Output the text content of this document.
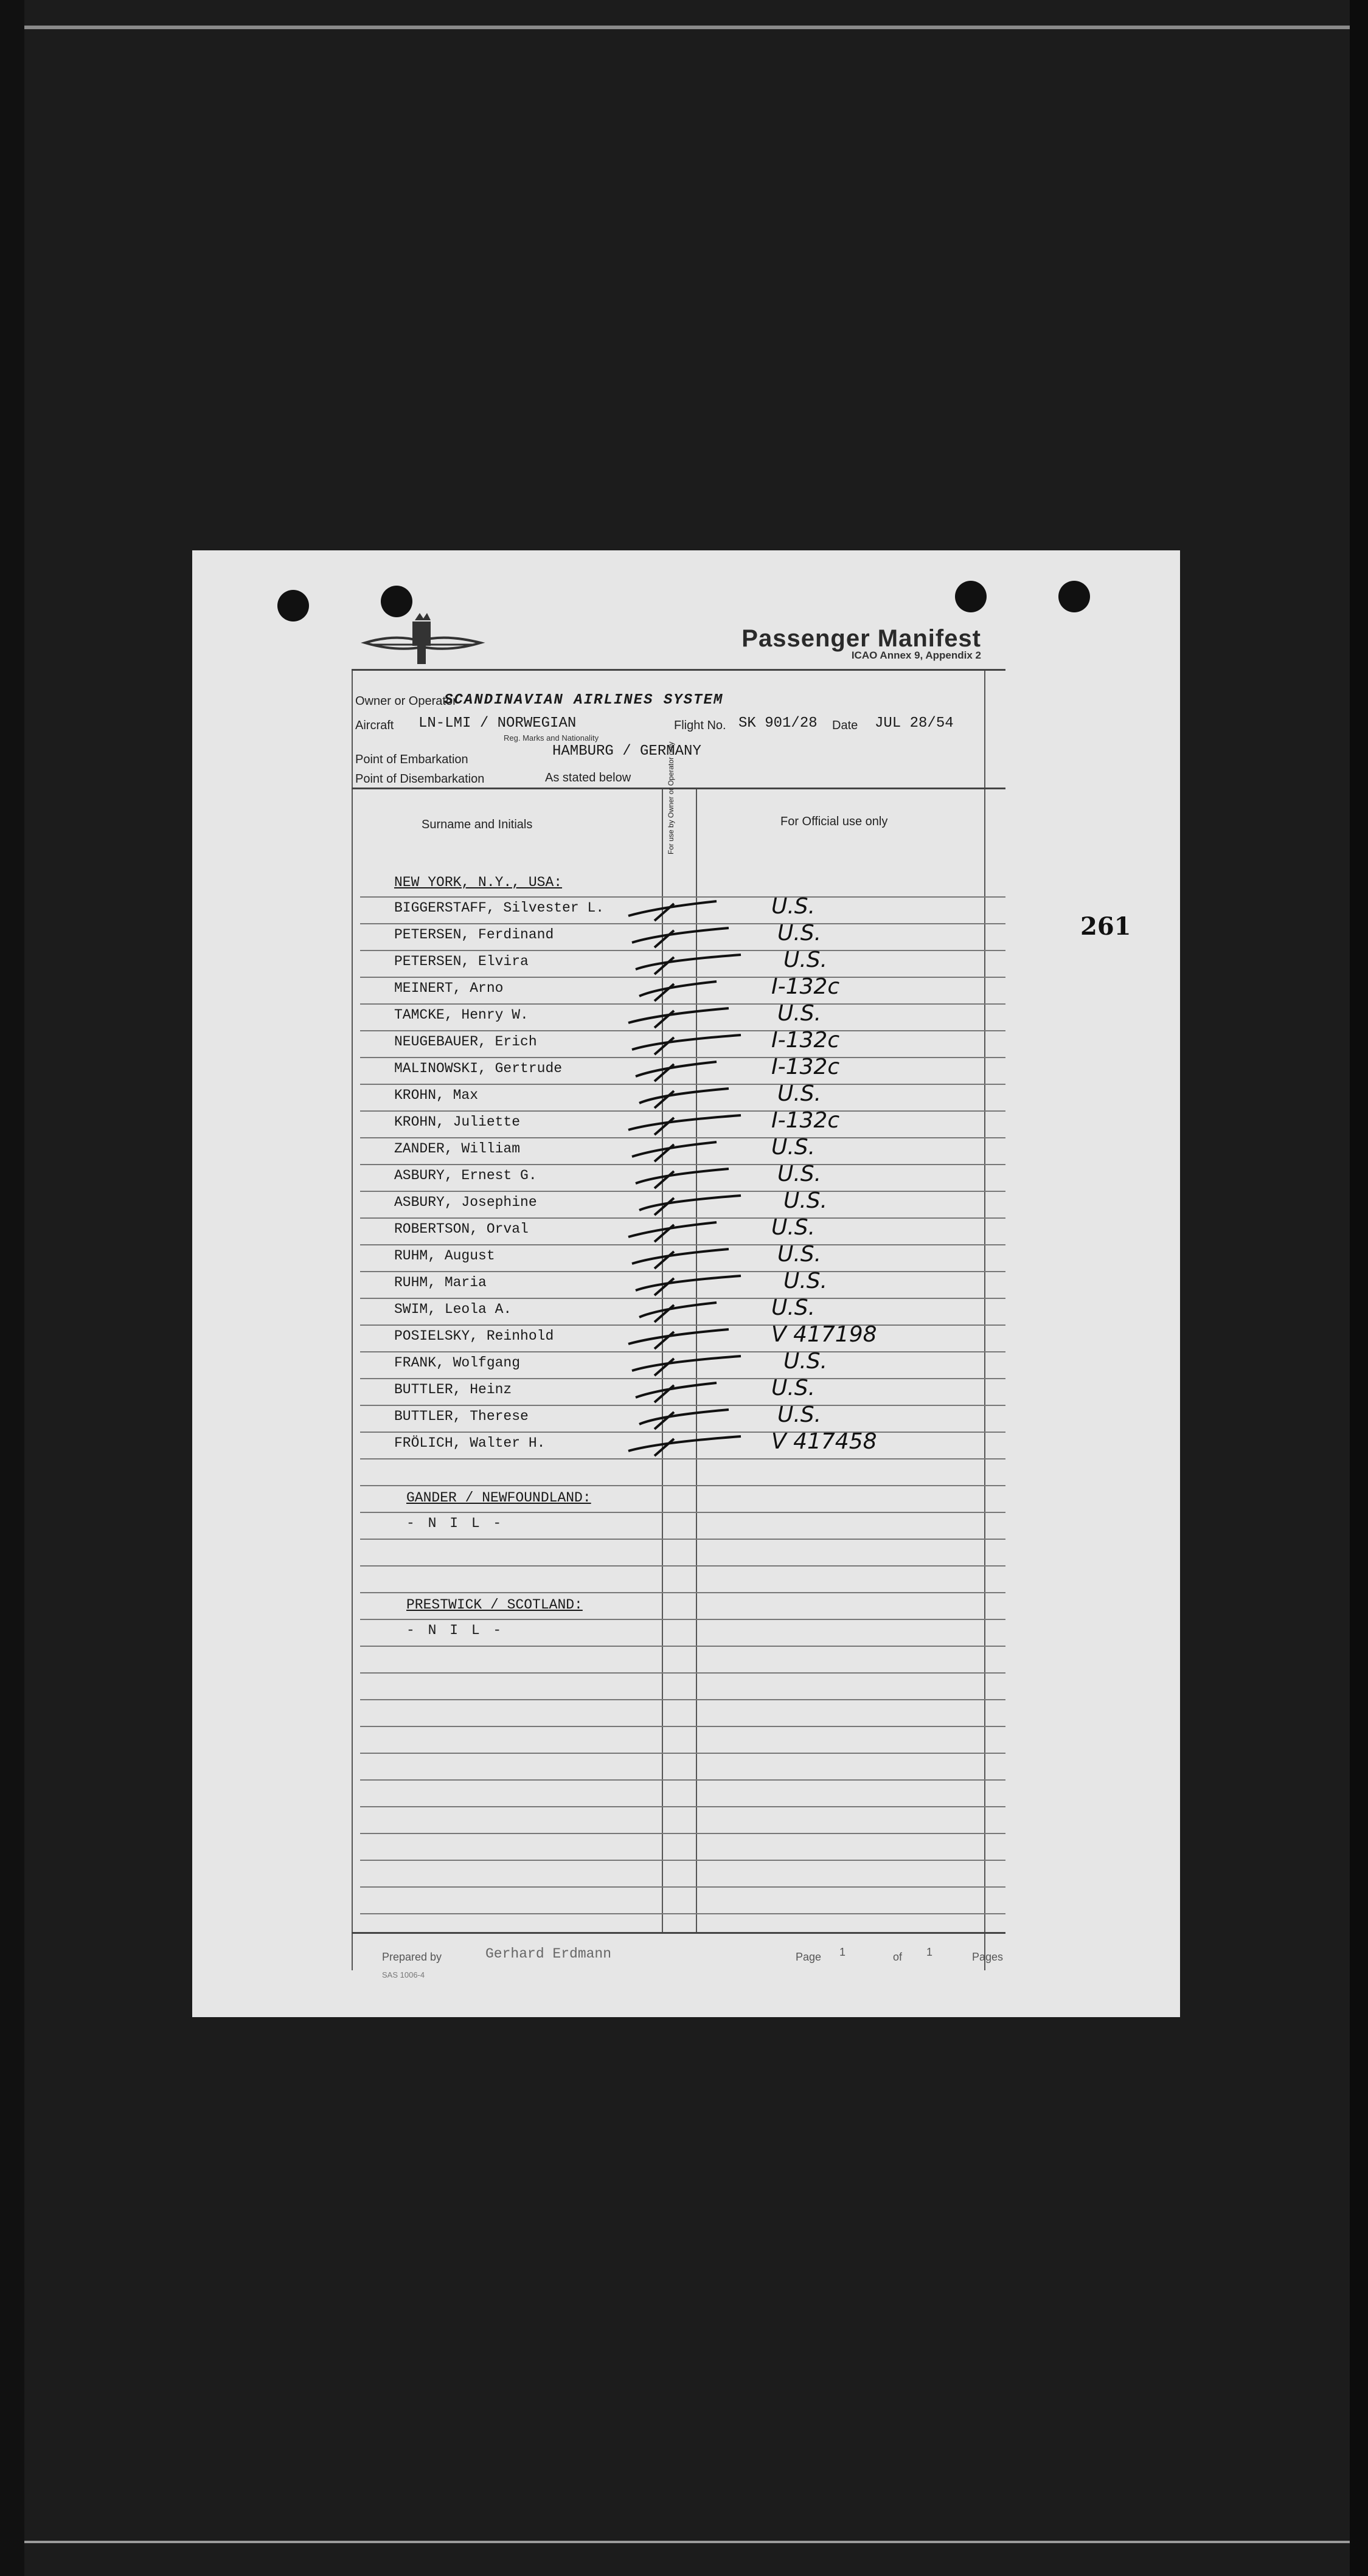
261
Passenger Manifest
ICAO Annex 9, Appendix 2
Owner or Operator
SCANDINAVIAN AIRLINES SYSTEM
Aircraft LN-LMI / NORWEGIAN
Reg. Marks and Nationality
Flight No. SK 901/28 Date JUL 28/54
Point of Embarkation	HAMBURG / GERMANY
Point of Disembarkation	As stated below
Surname and Initials	For use by Owner or Operator only	For Official use only
Prepared by	Gerhard Erdmann	Page 1	of 1	Pages
SAS 1006-4
NEW YORK, N.Y., USA:
BIGGERSTAFF, Silvester L.	U.S.
PETERSEN, Ferdinand	U.S.
PETERSEN, Elvira	U.S.
MEINERT, Arno	I-132c
TAMCKE, Henry W.	U.S.
NEUGEBAUER, Erich	I-132c
MALINOWSKI, Gertrude	I-132c
KROHN, Max	U.S.
KROHN, Juliette	I-132c
ZANDER, William	U.S.
ASBURY, Ernest G.	U.S.
ASBURY, Josephine	U.S.
ROBERTSON, Orval	U.S.
RUHM, August	U.S.
RUHM, Maria	U.S.
SWIM, Leola A.	U.S.
POSIELSKY, Reinhold	V 417198
FRANK, Wolfgang	U.S.
BUTTLER, Heinz	U.S.
BUTTLER, Therese	U.S.
FRÖLICH, Walter H.	V 417458
GANDER / NEWFOUNDLAND:
- N I L -
PRESTWICK / SCOTLAND:
- N I L -
